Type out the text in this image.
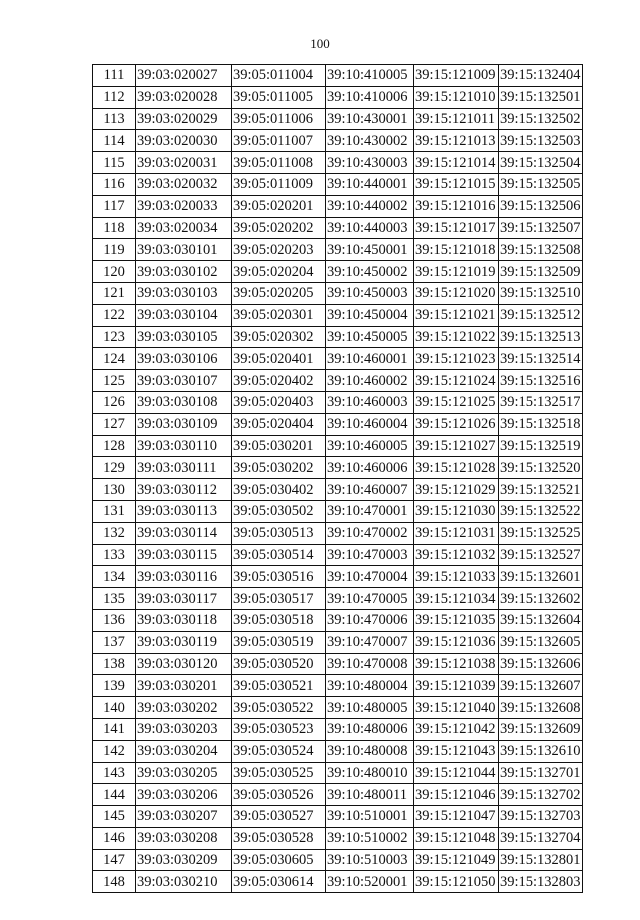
100
111	39:03:020027	39:05:011004	39:10:410005	39:15:121009	39:15:132404
112	39:03:020028	39:05:011005	39:10:410006	39:15:121010	39:15:132501
113	39:03:020029	39:05:011006	39:10:430001	39:15:121011	39:15:132502
114	39:03:020030	39:05:011007	39:10:430002	39:15:121013	39:15:132503
115	39:03:020031	39:05:011008	39:10:430003	39:15:121014	39:15:132504
116	39:03:020032	39:05:011009	39:10:440001	39:15:121015	39:15:132505
117	39:03:020033	39:05:020201	39:10:440002	39:15:121016	39:15:132506
118	39:03:020034	39:05:020202	39:10:440003	39:15:121017	39:15:132507
119	39:03:030101	39:05:020203	39:10:450001	39:15:121018	39:15:132508
120	39:03:030102	39:05:020204	39:10:450002	39:15:121019	39:15:132509
121	39:03:030103	39:05:020205	39:10:450003	39:15:121020	39:15:132510
122	39:03:030104	39:05:020301	39:10:450004	39:15:121021	39:15:132512
123	39:03:030105	39:05:020302	39:10:450005	39:15:121022	39:15:132513
124	39:03:030106	39:05:020401	39:10:460001	39:15:121023	39:15:132514
125	39:03:030107	39:05:020402	39:10:460002	39:15:121024	39:15:132516
126	39:03:030108	39:05:020403	39:10:460003	39:15:121025	39:15:132517
127	39:03:030109	39:05:020404	39:10:460004	39:15:121026	39:15:132518
128	39:03:030110	39:05:030201	39:10:460005	39:15:121027	39:15:132519
129	39:03:030111	39:05:030202	39:10:460006	39:15:121028	39:15:132520
130	39:03:030112	39:05:030402	39:10:460007	39:15:121029	39:15:132521
131	39:03:030113	39:05:030502	39:10:470001	39:15:121030	39:15:132522
132	39:03:030114	39:05:030513	39:10:470002	39:15:121031	39:15:132525
133	39:03:030115	39:05:030514	39:10:470003	39:15:121032	39:15:132527
134	39:03:030116	39:05:030516	39:10:470004	39:15:121033	39:15:132601
135	39:03:030117	39:05:030517	39:10:470005	39:15:121034	39:15:132602
136	39:03:030118	39:05:030518	39:10:470006	39:15:121035	39:15:132604
137	39:03:030119	39:05:030519	39:10:470007	39:15:121036	39:15:132605
138	39:03:030120	39:05:030520	39:10:470008	39:15:121038	39:15:132606
139	39:03:030201	39:05:030521	39:10:480004	39:15:121039	39:15:132607
140	39:03:030202	39:05:030522	39:10:480005	39:15:121040	39:15:132608
141	39:03:030203	39:05:030523	39:10:480006	39:15:121042	39:15:132609
142	39:03:030204	39:05:030524	39:10:480008	39:15:121043	39:15:132610
143	39:03:030205	39:05:030525	39:10:480010	39:15:121044	39:15:132701
144	39:03:030206	39:05:030526	39:10:480011	39:15:121046	39:15:132702
145	39:03:030207	39:05:030527	39:10:510001	39:15:121047	39:15:132703
146	39:03:030208	39:05:030528	39:10:510002	39:15:121048	39:15:132704
147	39:03:030209	39:05:030605	39:10:510003	39:15:121049	39:15:132801
148	39:03:030210	39:05:030614	39:10:520001	39:15:121050	39:15:132803
